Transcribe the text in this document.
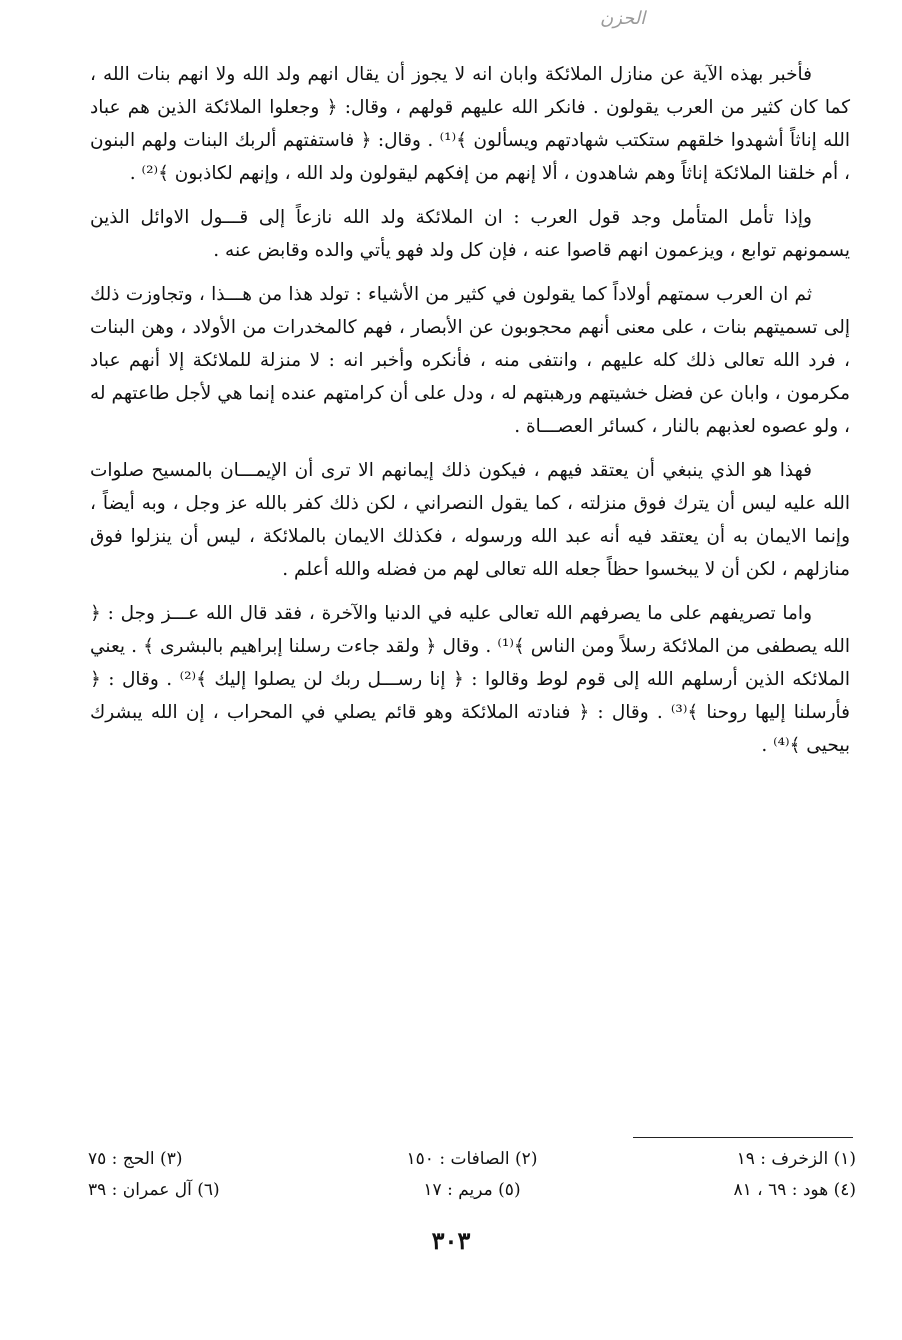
الحزن

فأخبر بهذه الآية عن منازل الملائكة وابان انه لا يجوز أن يقال انهم ولد الله ولا انهم بنات الله ، كما كان كثير من العرب يقولون . فانكر الله عليهم قولهم ، وقال: ﴿ وجعلوا الملائكة الذين هم عباد الله إناثاً أشهدوا خلقهم ستكتب شهادتهم ويسألون ﴾⁽¹⁾ . وقال: ﴿ فاستفتهم ألربك البنات ولهم البنون ، أم خلقنا الملائكة إناثاً وهم شاهدون ، ألا إنهم من إفكهم ليقولون ولد الله ، وإنهم لكاذبون ﴾⁽²⁾ .

وإذا تأمل المتأمل وجد قول العرب : ان الملائكة ولد الله نازعاً إلى قـــول الاوائل الذين يسمونهم توابع ، ويزعمون انهم قاصوا عنه ، فإن كل ولد فهو يأتي والده وقابض عنه .

ثم ان العرب سمتهم أولاداً كما يقولون في كثير من الأشياء : تولد هذا من هـــذا ، وتجاوزت ذلك إلى تسميتهم بنات ، على معنى أنهم محجوبون عن الأبصار ، فهم كالمخدرات من الأولاد ، وهن البنات ، فرد الله تعالى ذلك كله عليهم ، وانتفى منه ، فأنكره وأخبر انه : لا منزلة للملائكة إلا أنهم عباد مكرمون ، وابان عن فضل خشيتهم ورهبتهم له ، ودل على أن كرامتهم عنده إنما هي لأجل طاعتهم له ، ولو عصوه لعذبهم بالنار ، كسائر العصـــاة .

فهذا هو الذي ينبغي أن يعتقد فيهم ، فيكون ذلك إيمانهم الا ترى أن الإيمـــان بالمسيح صلوات الله عليه ليس أن يترك فوق منزلته ، كما يقول النصراني ، لكن ذلك كفر بالله عز وجل ، وبه أيضاً ، وإنما الايمان به أن يعتقد فيه أنه عبد الله ورسوله ، فكذلك الايمان بالملائكة ، ليس أن ينزلوا فوق منازلهم ، لكن أن لا يبخسوا حظاً جعله الله تعالى لهم من فضله والله أعلم .

واما تصريفهم على ما يصرفهم الله تعالى عليه في الدنيا والآخرة ، فقد قال الله عـــز وجل : ﴿ الله يصطفى من الملائكة رسلاً ومن الناس ﴾⁽¹⁾ . وقال ﴿ ولقد جاءت رسلنا إبراهيم بالبشرى ﴾ . يعني الملائكه الذين أرسلهم الله إلى قوم لوط وقالوا : ﴿ إنا رســـل ربك لن يصلوا إليك ﴾⁽²⁾ . وقال : ﴿ فأرسلنا إليها روحنا ﴾⁽³⁾ . وقال : ﴿ فنادته الملائكة وهو قائم يصلي في المحراب ، إن الله يبشرك بيحيى ﴾⁽⁴⁾ .

(١) الزخرف : ١٩
(٢) الصافات : ١٥٠
(٣) الحج : ٧٥
(٤) هود : ٦٩ ، ٨١
(٥) مريم : ١٧
(٦) آل عمران : ٣٩
٣٠٣
